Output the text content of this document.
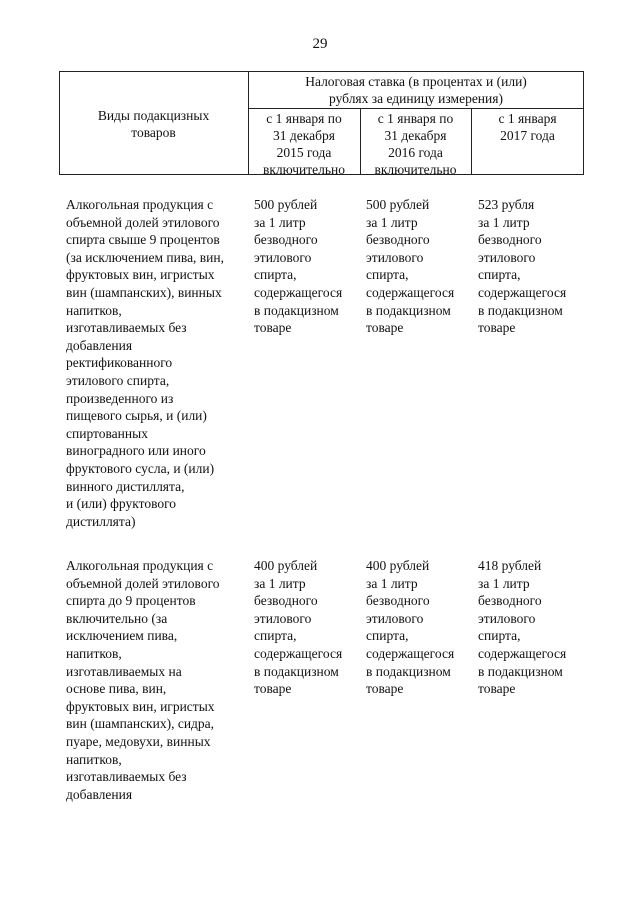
29
Виды подакцизных
товаров
Налоговая ставка (в процентах и (или)
рублях за единицу измерения)
с 1 января по
31 декабря
2015 года
включительно
с 1 января по
31 декабря
2016 года
включительно
с 1 января
2017 года
Алкогольная продукция с
объемной долей этилового
спирта свыше 9 процентов
(за исключением пива, вин,
фруктовых вин, игристых
вин (шампанских), винных
напитков,
изготавливаемых без
добавления
ректификованного
этилового спирта,
произведенного из
пищевого сырья, и (или)
спиртованных
виноградного или иного
фруктового сусла, и (или)
винного дистиллята,
и (или) фруктового
дистиллята)
500 рублей
за 1 литр
безводного
этилового
спирта,
содержащегося
в подакцизном
товаре
500 рублей
за 1 литр
безводного
этилового
спирта,
содержащегося
в подакцизном
товаре
523 рубля
за 1 литр
безводного
этилового
спирта,
содержащегося
в подакцизном
товаре
Алкогольная продукция с
объемной долей этилового
спирта до 9 процентов
включительно (за
исключением пива,
напитков,
изготавливаемых на
основе пива, вин,
фруктовых вин, игристых
вин (шампанских), сидра,
пуаре, медовухи, винных
напитков,
изготавливаемых без
добавления
400 рублей
за 1 литр
безводного
этилового
спирта,
содержащегося
в подакцизном
товаре
400 рублей
за 1 литр
безводного
этилового
спирта,
содержащегося
в подакцизном
товаре
418 рублей
за 1 литр
безводного
этилового
спирта,
содержащегося
в подакцизном
товаре
